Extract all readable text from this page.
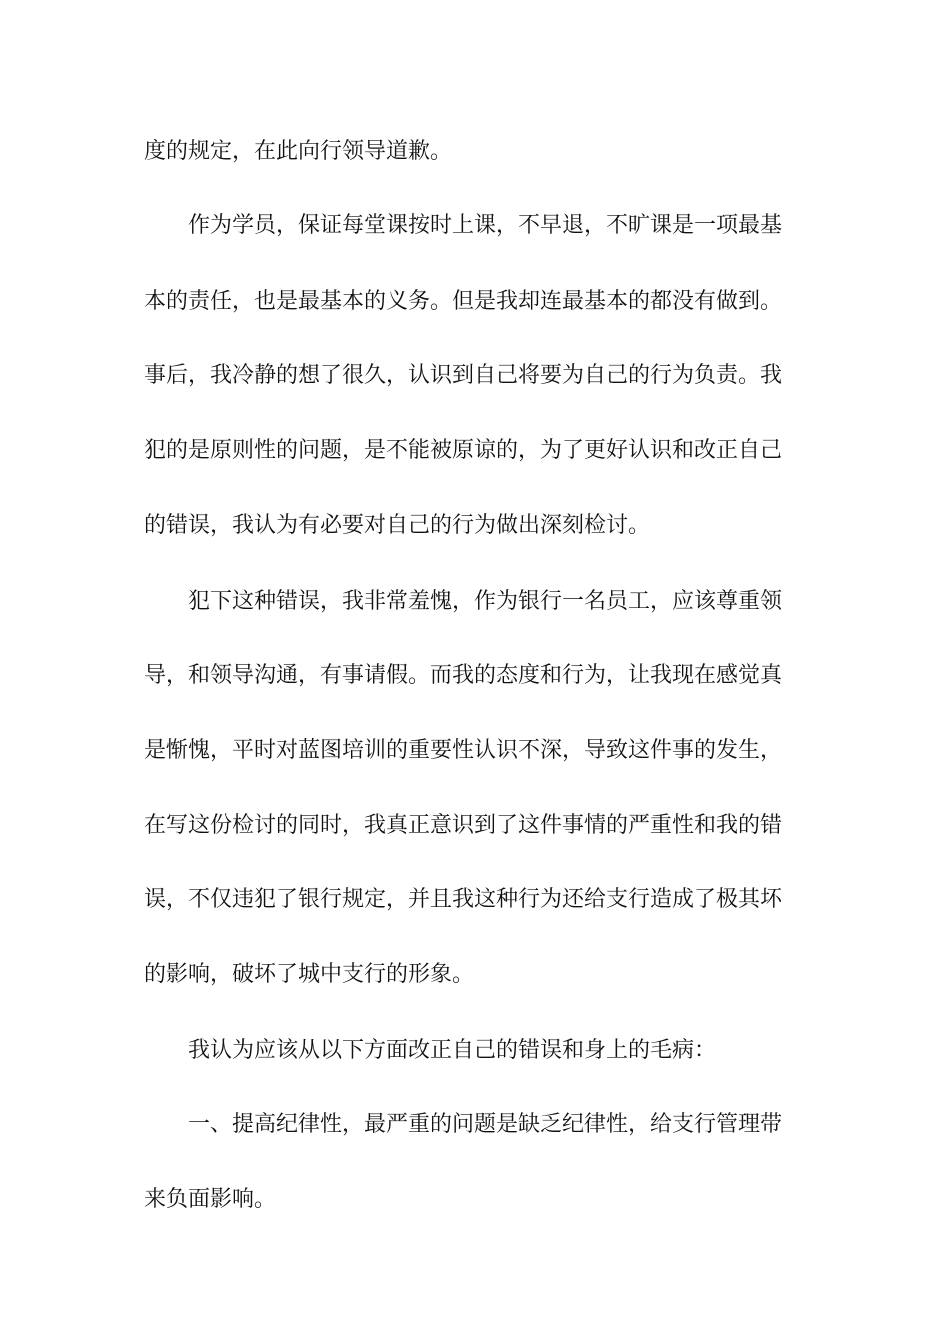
度的规定，在此向行领导道歉。
作为学员，保证每堂课按时上课，不早退，不旷课是一项最基
本的责任，也是最基本的义务。但是我却连最基本的都没有做到。
事后，我冷静的想了很久，认识到自己将要为自己的行为负责。我
犯的是原则性的问题，是不能被原谅的，为了更好认识和改正自己
的错误，我认为有必要对自己的行为做出深刻检讨。
犯下这种错误，我非常羞愧，作为银行一名员工，应该尊重领
导，和领导沟通，有事请假。而我的态度和行为，让我现在感觉真
是惭愧，平时对蓝图培训的重要性认识不深，导致这件事的发生，
在写这份检讨的同时，我真正意识到了这件事情的严重性和我的错
误，不仅违犯了银行规定，并且我这种行为还给支行造成了极其坏
的影响，破坏了城中支行的形象。
我认为应该从以下方面改正自己的错误和身上的毛病：
一、提高纪律性，最严重的问题是缺乏纪律性，给支行管理带
来负面影响。
